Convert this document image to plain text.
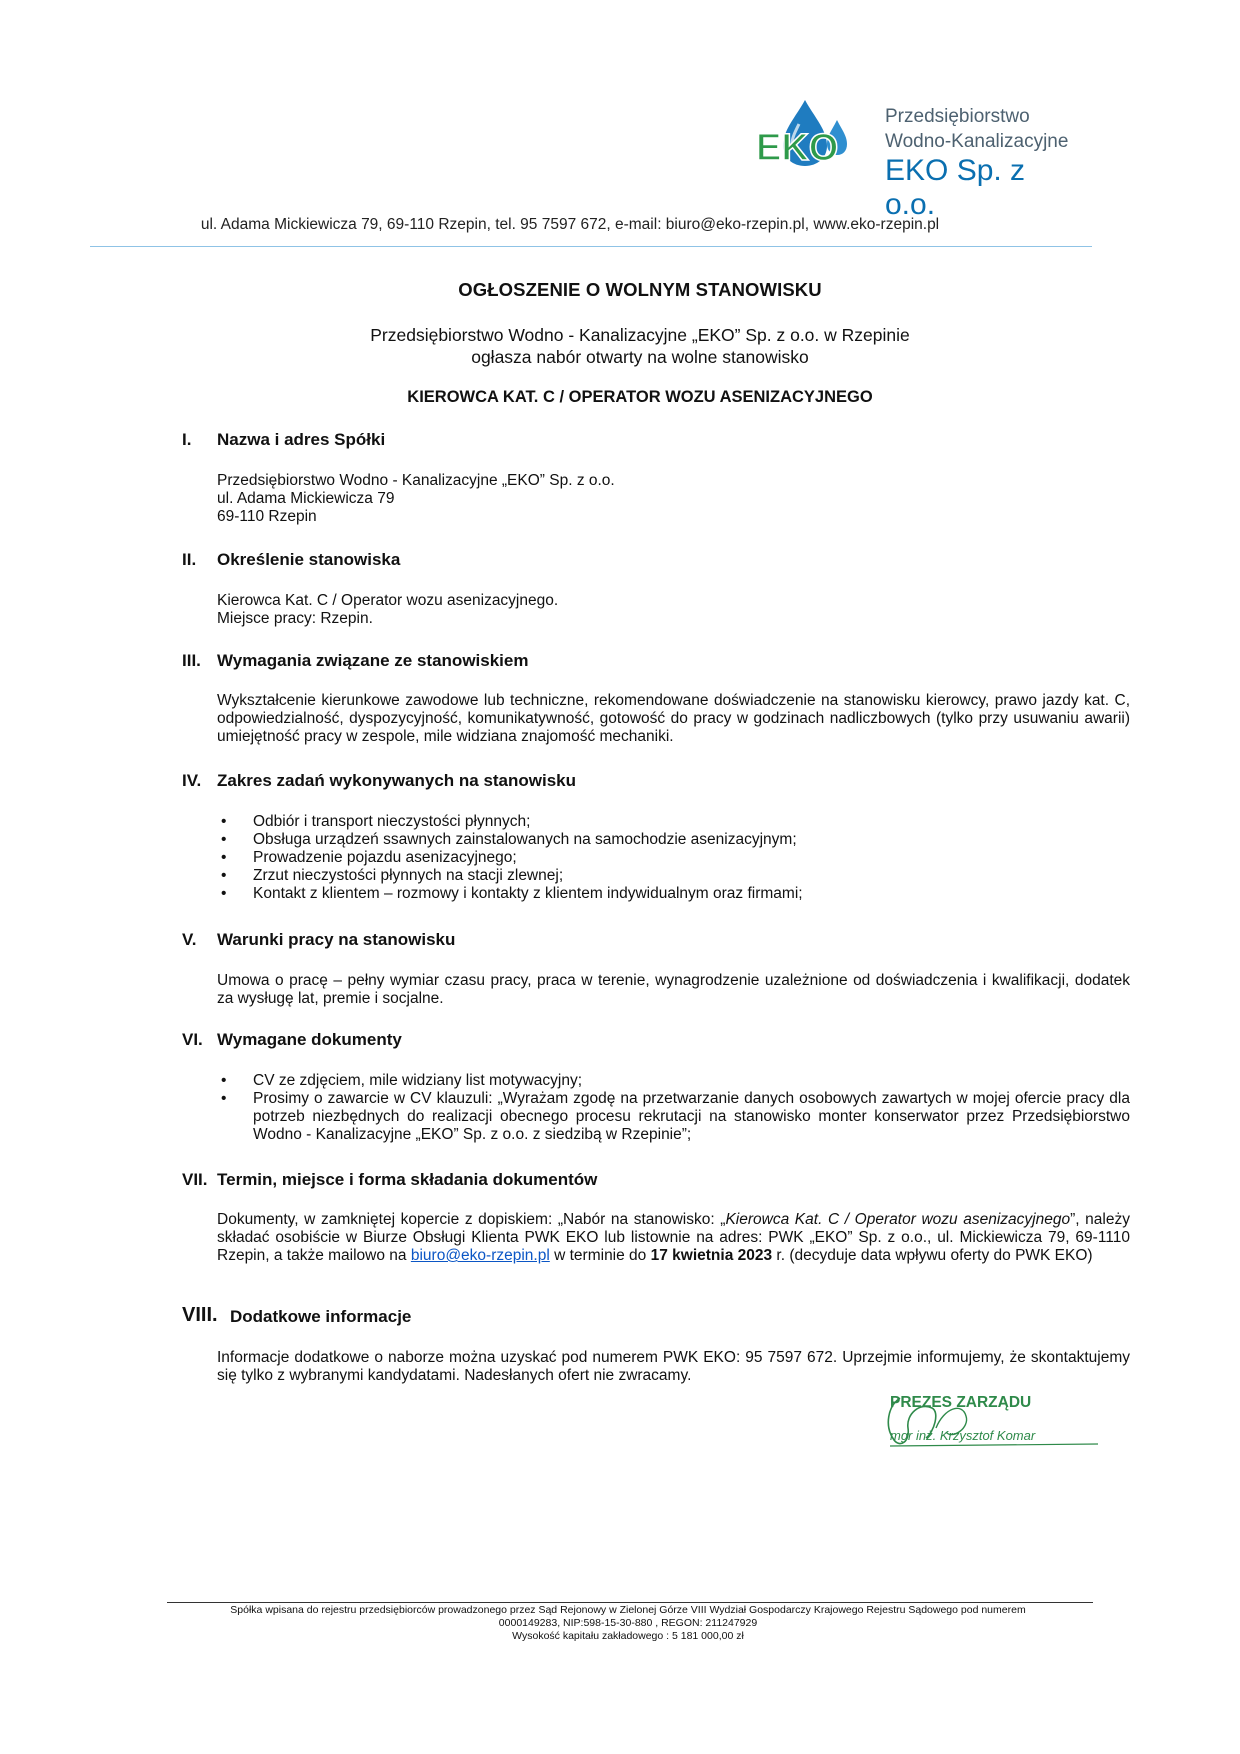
EKO
Rzepin
Przedsiębiorstwo
Wodno-Kanalizacyjne
EKO Sp. z o.o.
ul. Adama Mickiewicza 79, 69-110 Rzepin, tel. 95 7597 672, e-mail: biuro@eko-rzepin.pl, www.eko-rzepin.pl
OGŁOSZENIE O WOLNYM STANOWISKU
Przedsiębiorstwo Wodno - Kanalizacyjne „EKO” Sp. z o.o. w Rzepinie
ogłasza nabór otwarty na wolne stanowisko
KIEROWCA KAT. C / OPERATOR WOZU ASENIZACYJNEGO
I. Nazwa i adres Spółki
Przedsiębiorstwo Wodno - Kanalizacyjne „EKO” Sp. z o.o.
ul. Adama Mickiewicza 79
69-110 Rzepin
II. Określenie stanowiska
Kierowca Kat. C / Operator wozu asenizacyjnego.
Miejsce pracy: Rzepin.
III. Wymagania związane ze stanowiskiem
Wykształcenie kierunkowe zawodowe lub techniczne, rekomendowane doświadczenie na stanowisku kierowcy, prawo jazdy kat. C, odpowiedzialność, dyspozycyjność, komunikatywność, gotowość do pracy w godzinach nadliczbowych (tylko przy usuwaniu awarii) umiejętność pracy w zespole, mile widziana znajomość mechaniki.
IV. Zakres zadań wykonywanych na stanowisku
• Odbiór i transport nieczystości płynnych;
• Obsługa urządzeń ssawnych zainstalowanych na samochodzie asenizacyjnym;
• Prowadzenie pojazdu asenizacyjnego;
• Zrzut nieczystości płynnych na stacji zlewnej;
• Kontakt z klientem – rozmowy i kontakty z klientem indywidualnym oraz firmami;
V. Warunki pracy na stanowisku
Umowa o pracę – pełny wymiar czasu pracy, praca w terenie, wynagrodzenie uzależnione od doświadczenia i kwalifikacji, dodatek za wysługę lat, premie i socjalne.
VI. Wymagane dokumenty
• CV ze zdjęciem, mile widziany list motywacyjny;
• Prosimy o zawarcie w CV klauzuli: „Wyrażam zgodę na przetwarzanie danych osobowych zawartych w mojej ofercie pracy dla potrzeb niezbędnych do realizacji obecnego procesu rekrutacji na stanowisko monter konserwator przez Przedsiębiorstwo Wodno - Kanalizacyjne „EKO” Sp. z o.o. z siedzibą w Rzepinie”;
VII. Termin, miejsce i forma składania dokumentów
Dokumenty, w zamkniętej kopercie z dopiskiem: „Nabór na stanowisko: „Kierowca Kat. C / Operator wozu asenizacyjnego”, należy składać osobiście w Biurze Obsługi Klienta PWK EKO lub listownie na adres: PWK „EKO” Sp. z o.o., ul. Mickiewicza 79, 69-1110 Rzepin, a także mailowo na biuro@eko-rzepin.pl w terminie do 17 kwietnia 2023 r. (decyduje data wpływu oferty do PWK EKO)
VIII. Dodatkowe informacje
Informacje dodatkowe o naborze można uzyskać pod numerem PWK EKO: 95 7597 672. Uprzejmie informujemy, że skontaktujemy się tylko z wybranymi kandydatami. Nadesłanych ofert nie zwracamy.
PREZES ZARZĄDU
mgr inż. Krzysztof Komar
Spółka wpisana do rejestru przedsiębiorców prowadzonego przez Sąd Rejonowy w Zielonej Górze VIII Wydział Gospodarczy Krajowego Rejestru Sądowego pod numerem
0000149283, NIP:598-15-30-880 , REGON: 211247929
Wysokość kapitału zakładowego : 5 181 000,00 zł
